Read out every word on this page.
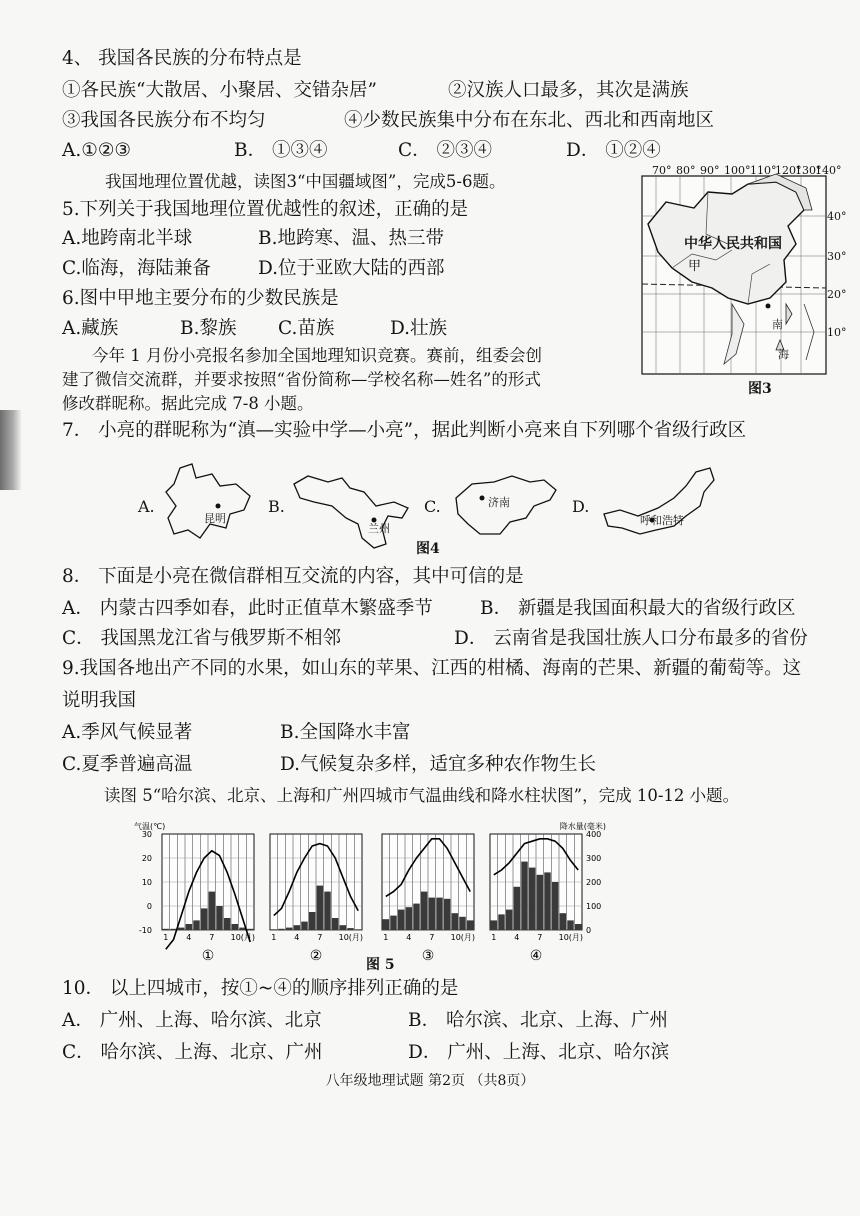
4、 我国各民族的分布特点是
①各民族“大散居、小聚居、交错杂居”	②汉族人口最多，其次是满族
③我国各民族分布不均匀	④少数民族集中分布在东北、西北和西南地区
A.①②③	B． ①③④	C． ②③④	D． ①②④
我国地理位置优越，读图3“中国疆域图”，完成5-6题。
5.下列关于我国地理位置优越性的叙述，正确的是
A.地跨南北半球	B.地跨寒、温、热三带
C.临海，海陆兼备	D.位于亚欧大陆的西部
6.图中甲地主要分布的少数民族是
A.藏族	B.黎族 C.苗族	D.壮族
今年 1 月份小亮报名参加全国地理知识竞赛。赛前，组委会创
建了微信交流群，并要求按照“省份简称—学校名称—姓名”的形式
修改群昵称。据此完成 7-8 小题。
70° 80° 90° 100° 110°
120°
130°
140°
40°
30°
20°
10°
中华人民共和国
甲
南
海
图3
7． 小亮的群昵称为“滇—实验中学—小亮”，据此判断小亮来自下列哪个省级行政区
A.
昆明
B.
兰州
C.	济南	D.
呼和浩特
图4
8． 下面是小亮在微信群相互交流的内容，其中可信的是
A． 内蒙古四季如春，此时正值草木繁盛季节	B． 新疆是我国面积最大的省级行政区
C． 我国黑龙江省与俄罗斯不相邻	D． 云南省是我国壮族人口分布最多的省份
9.我国各地出产不同的水果，如山东的苹果、江西的柑橘、海南的芒果、新疆的葡萄等。这
说明我国
A.季风气候显著	B.全国降水丰富
C.夏季普遍高温	D.气候复杂多样，适宜多种农作物生长
读图 5“哈尔滨、北京、上海和广州四城市气温曲线和降水柱状图”，完成 10-12 小题。
气温(℃)
30
20
10
0
-10
降水量(毫米)
400
300
200
100
0
1 4 7 10(月)
①
1 4 7 10(月)
②
1 4 7 10(月)
③
1 4 7 10(月)
④
图 5
10． 以上四城市，按①~④的顺序排列正确的是
A． 广州、上海、哈尔滨、北京	B． 哈尔滨、北京、上海、广州
C． 哈尔滨、上海、北京、广州	D． 广州、上海、北京、哈尔滨
八年级地理试题 第2页 （共8页）
